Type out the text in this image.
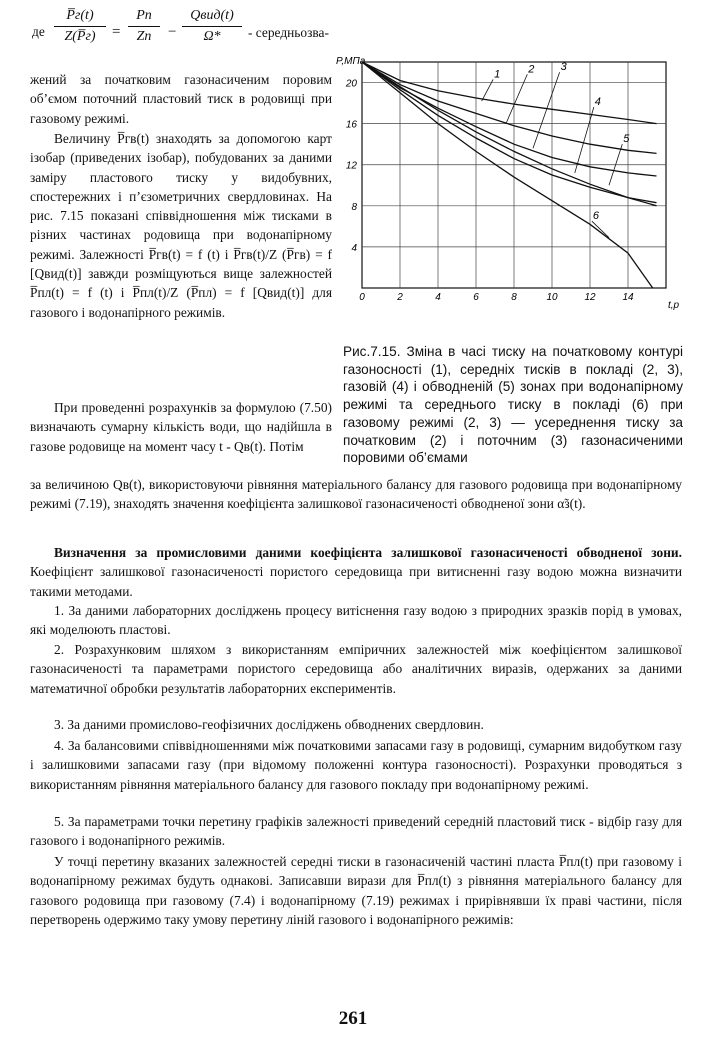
де
P̅г(t)
Z(P̅г)	=
Pп
Zп	−
Qвид(t)
Ω*	- середньозва-
жений за початковим газонасиченим поровим об’ємом поточний пластовий тиск в родовищі при газовому режимі.
Величину P̅гв(t) знаходять за допомогою карт ізобар (приведених ізобар), побудованих за даними заміру пластового тиску у видобувних, спостережних і п’єзометричних свердловинах. На рис. 7.15 показані співвідношення між тисками в різних частинах родовища при водонапірному режимі. Залежності P̅гв(t) = f (t) і P̅гв(t)/Z (P̅гв) = f [Qвид(t)] завжди розміщуються вище залежностей P̅пл(t) = f (t) і P̅пл(t)/Z (P̅пл) = f [Qвид(t)] для газового і водонапірного режимів.
При проведенні розрахунків за формулою (7.50) визначають сумарну кількість води, що надійшла в газове родовище на момент часу t - Qв(t). Потім
P,МПа
t,р
0	2	4	6	8	10	12	14
4
8
12
16
20
1	2 3
4
5
6
Рис.7.15. Зміна в часі тиску на початковому контурі газоносності (1), середніх тисків в покладі (2, 3), газовій (4) і обводненій (5) зонах при водонапірному режимі та середнього тиску в покладі (6) при газовому режимі (2, 3) — усереднення тиску за початковим (2) і поточним (3) газонасиченими поровими об’ємами
за величиною Qв(t), використовуючи рівняння матеріального балансу для газового родовища при водонапірному режимі (7.19), знаходять значення коефіцієнта залишкової газонасиченості обводненої зони α̃з(t).
Визначення за промисловими даними коефіцієнта залишкової газонасиченості обводненої зони. Коефіцієнт залишкової газонасиченості пористого середовища при витисненні газу водою можна визначити такими методами.
1. За даними лабораторних досліджень процесу витіснення газу водою з природних зразків порід в умовах, які моделюють пластові.
2. Розрахунковим шляхом з використанням емпіричних залежностей між коефіцієнтом залишкової газонасиченості та параметрами пористого середовища або аналітичних виразів, одержаних за даними математичної обробки результатів лабораторних експериментів.
3. За даними промислово-геофізичних досліджень обводнених свердловин.
4. За балансовими співвідношеннями між початковими запасами газу в родовищі, сумарним видобутком газу і залишковими запасами газу (при відомому положенні контура газоносності). Розрахунки проводяться з використанням рівняння матеріального балансу для газового покладу при водонапірному режимі.
5. За параметрами точки перетину графіків залежності приведений середній пластовий тиск - відбір газу для газового і водонапірного режимів.
У точці перетину вказаних залежностей середні тиски в газонасиченій частині пласта P̅пл(t) при газовому і водонапірному режимах будуть однакові. Записавши вирази для P̅пл(t) з рівняння матеріального балансу для газового родовища при газовому (7.4) і водонапірному (7.19) режимах і прирівнявши їх праві частини, після перетворень одержимо таку умову перетину ліній газового і водонапірного режимів:
261
